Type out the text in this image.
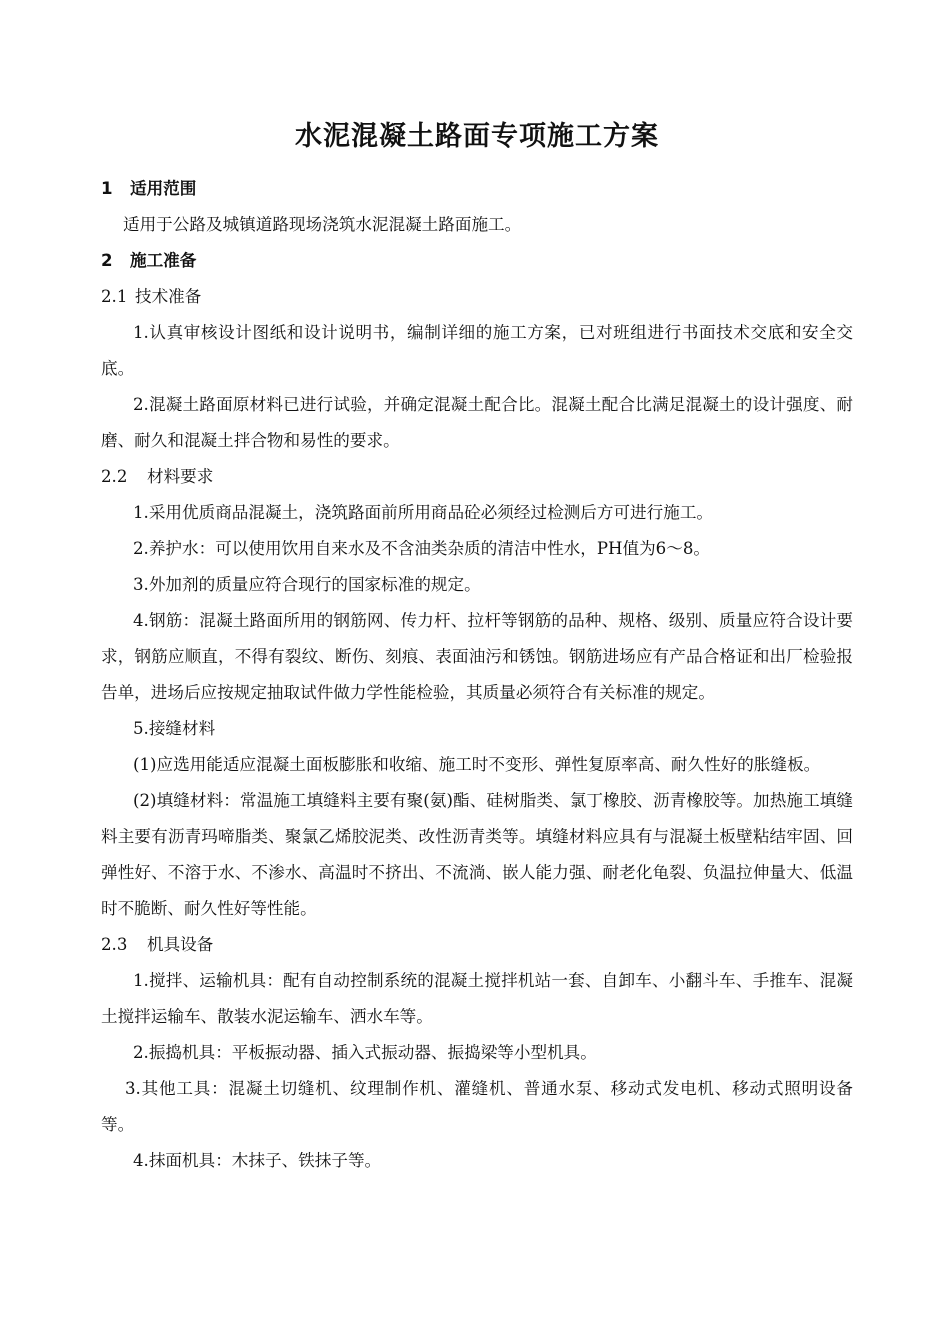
水泥混凝土路面专项施工方案

1 适用范围

适用于公路及城镇道路现场浇筑水泥混凝土路面施工。

2 施工准备

2.1 技术准备

1.认真审核设计图纸和设计说明书，编制详细的施工方案，已对班组进行书面技术交底和安全交底。

2.混凝土路面原材料已进行试验，并确定混凝土配合比。混凝土配合比满足混凝土的设计强度、耐磨、耐久和混凝土拌合物和易性的要求。

2.2 材料要求

1.采用优质商品混凝土，浇筑路面前所用商品砼必须经过检测后方可进行施工。

2.养护水：可以使用饮用自来水及不含油类杂质的清洁中性水，PH值为6～8。

3.外加剂的质量应符合现行的国家标准的规定。

4.钢筋：混凝土路面所用的钢筋网、传力杆、拉杆等钢筋的品种、规格、级别、质量应符合设计要求，钢筋应顺直，不得有裂纹、断伤、刻痕、表面油污和锈蚀。钢筋进场应有产品合格证和出厂检验报告单，进场后应按规定抽取试件做力学性能检验，其质量必须符合有关标准的规定。

5.接缝材料

(1)应选用能适应混凝土面板膨胀和收缩、施工时不变形、弹性复原率高、耐久性好的胀缝板。

(2)填缝材料：常温施工填缝料主要有聚(氨)酯、硅树脂类、氯丁橡胶、沥青橡胶等。加热施工填缝料主要有沥青玛啼脂类、聚氯乙烯胶泥类、改性沥青类等。填缝材料应具有与混凝土板壁粘结牢固、回弹性好、不溶于水、不渗水、高温时不挤出、不流淌、嵌人能力强、耐老化龟裂、负温拉伸量大、低温时不脆断、耐久性好等性能。

2.3 机具设备

1.搅拌、运输机具：配有自动控制系统的混凝土搅拌机站一套、自卸车、小翻斗车、手推车、混凝土搅拌运输车、散装水泥运输车、洒水车等。

2.振捣机具：平板振动器、插入式振动器、振捣梁等小型机具。

3.其他工具：混凝土切缝机、纹理制作机、灌缝机、普通水泵、移动式发电机、移动式照明设备等。

4.抹面机具：木抹子、铁抹子等。
